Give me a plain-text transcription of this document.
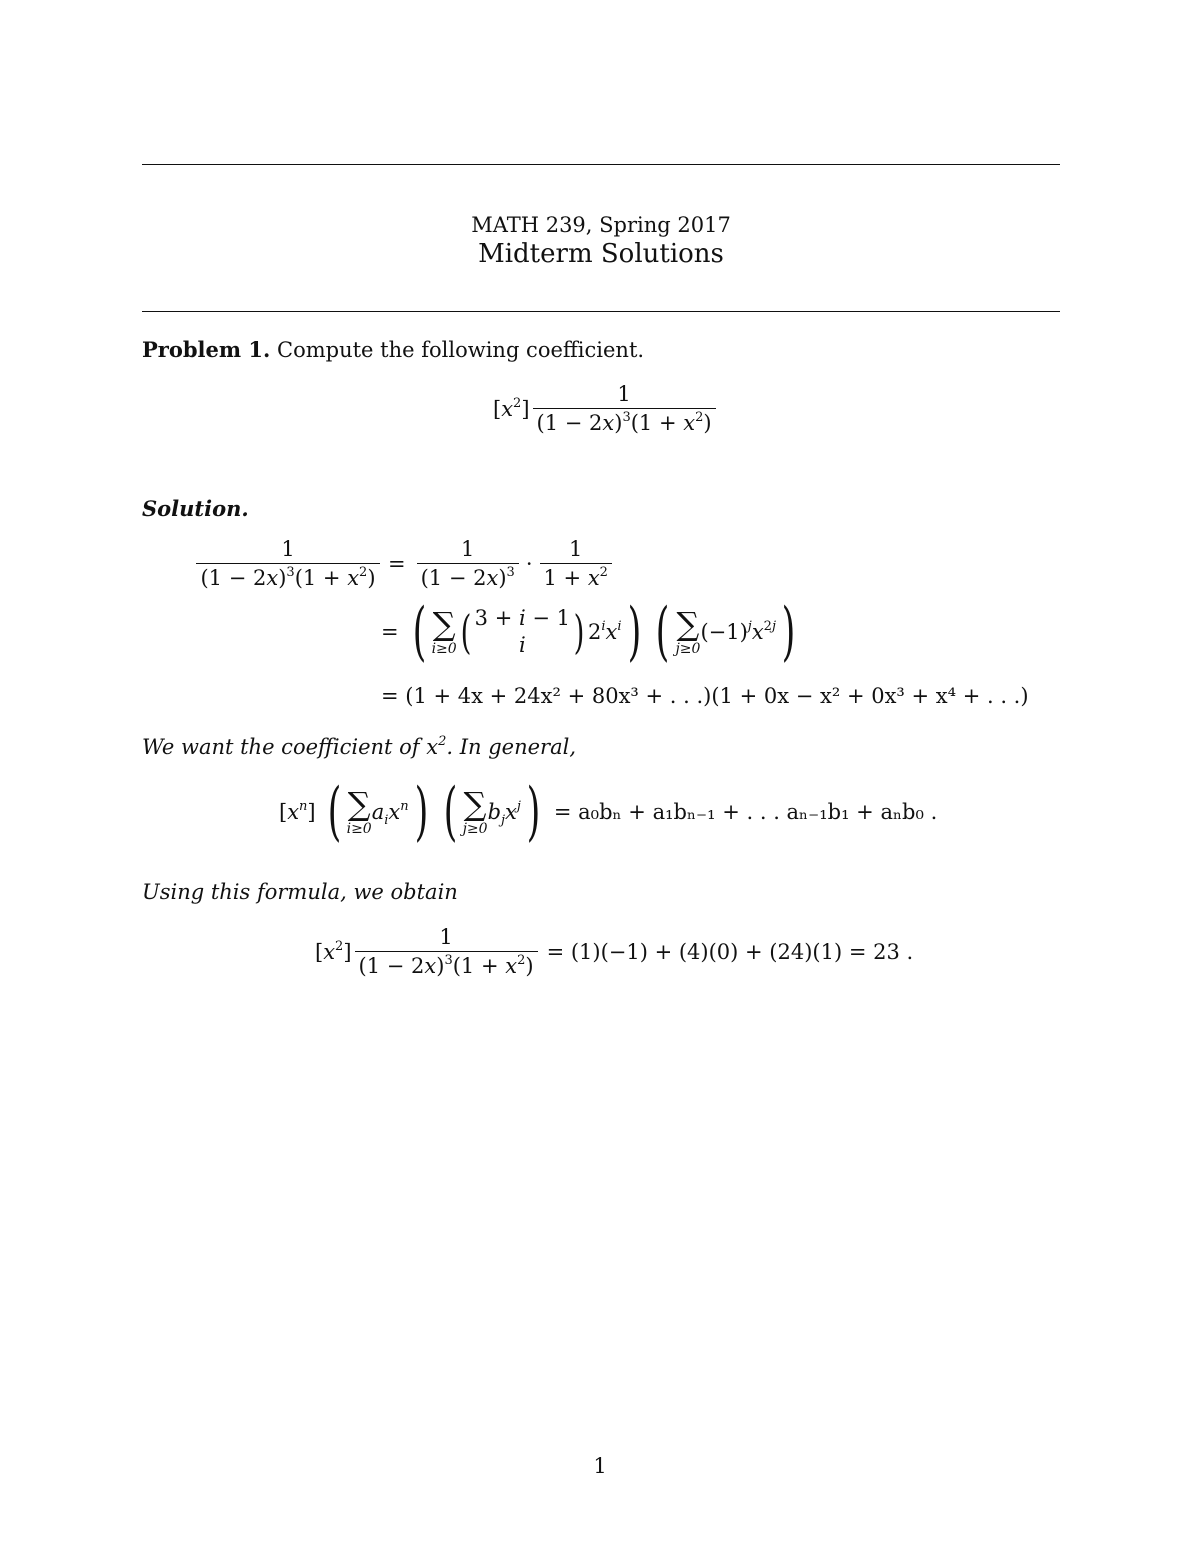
MATH 239, Spring 2017
Midterm Solutions
Problem 1. Compute the following coefficient.
$[x^2] \frac{1}{(1 - 2x)^3(1 + x^2)}$
Solution.
$\frac{1}{(1 - 2x)^3(1 + x^2)} = \frac{1}{(1 - 2x)^3} \cdot \frac{1}{1 + x^2}$
= ( ∑
i≥0 ( 3 + i − 1
i ) $2^ix^i$ ) ( ∑
j≥0
$(-1)^jx^{2j}$ )
= (1 + 4x + 24x² + 80x³ + . . .)(1 + 0x − x² + 0x³ + x⁴ + . . .)
We want the coefficient of $x^2$. In general,
$[x^n]$ ( ∑
i≥0
$a_ix^n$ ) ( ∑
j≥0
$b_jx^j$ ) = a₀bₙ + a₁bₙ₋₁ + . . . aₙ₋₁b₁ + aₙb₀ .
Using this formula, we obtain
$[x^2] \frac{1}{(1 - 2x)^3(1 + x^2)} = (1)(-1) + (4)(0) + (24)(1) = 23$ .
1
